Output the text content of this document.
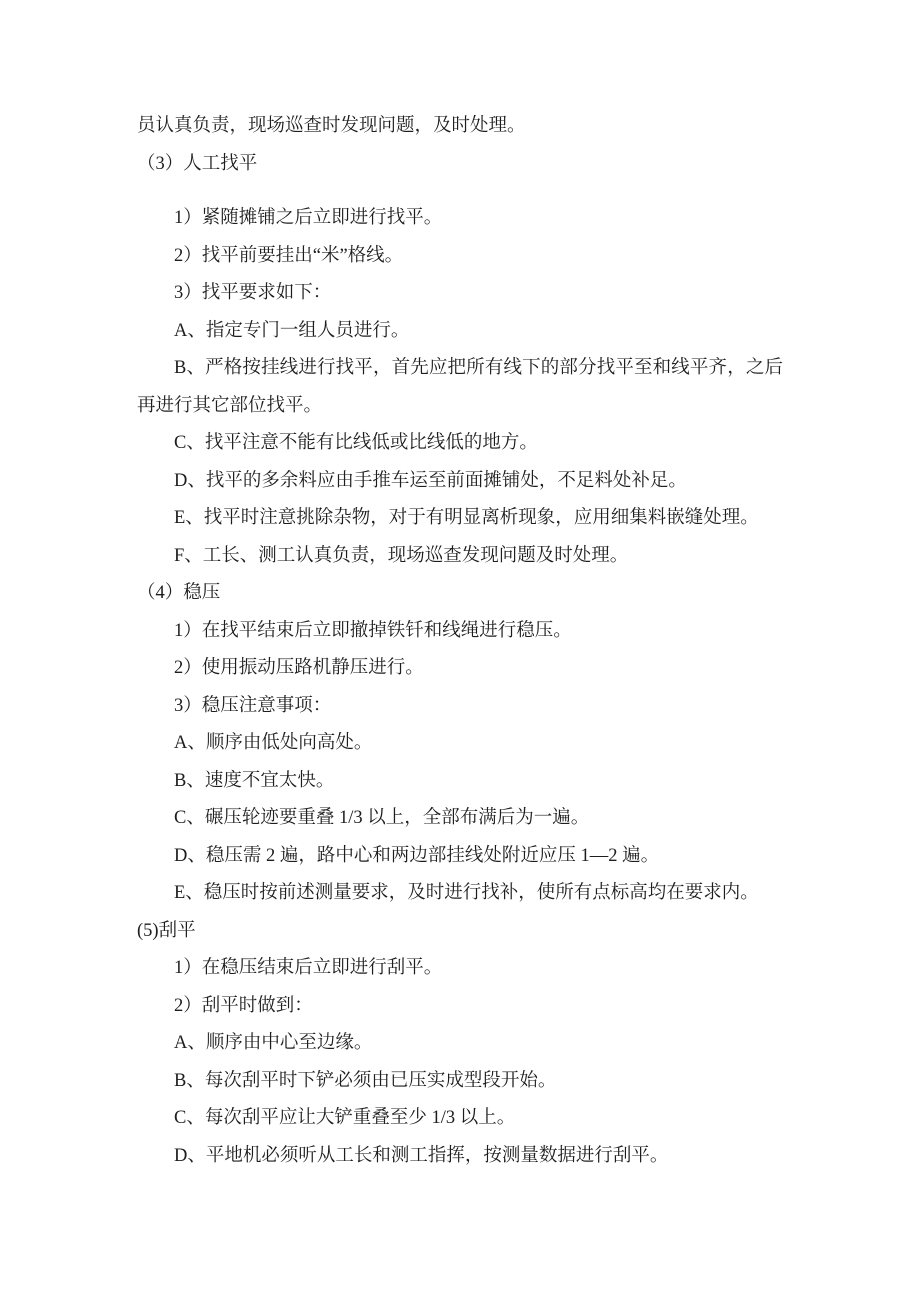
员认真负责，现场巡查时发现问题，及时处理。

（3）人工找平

1）紧随摊铺之后立即进行找平。

2）找平前要挂出“米”格线。

3）找平要求如下：

A、指定专门一组人员进行。

B、严格按挂线进行找平，首先应把所有线下的部分找平至和线平齐，之后再进行其它部位找平。

C、找平注意不能有比线低或比线低的地方。

D、找平的多余料应由手推车运至前面摊铺处，不足料处补足。

E、找平时注意挑除杂物，对于有明显离析现象，应用细集料嵌缝处理。

F、工长、测工认真负责，现场巡查发现问题及时处理。

（4）稳压

1）在找平结束后立即撤掉铁钎和线绳进行稳压。

2）使用振动压路机静压进行。

3）稳压注意事项：

A、顺序由低处向高处。

B、速度不宜太快。

C、碾压轮迹要重叠 1/3 以上，全部布满后为一遍。

D、稳压需 2 遍，路中心和两边部挂线处附近应压 1—2 遍。

E、稳压时按前述测量要求，及时进行找补，使所有点标高均在要求内。

(5)刮平

1）在稳压结束后立即进行刮平。

2）刮平时做到：

A、顺序由中心至边缘。

B、每次刮平时下铲必须由已压实成型段开始。

C、每次刮平应让大铲重叠至少 1/3 以上。

D、平地机必须听从工长和测工指挥，按测量数据进行刮平。
